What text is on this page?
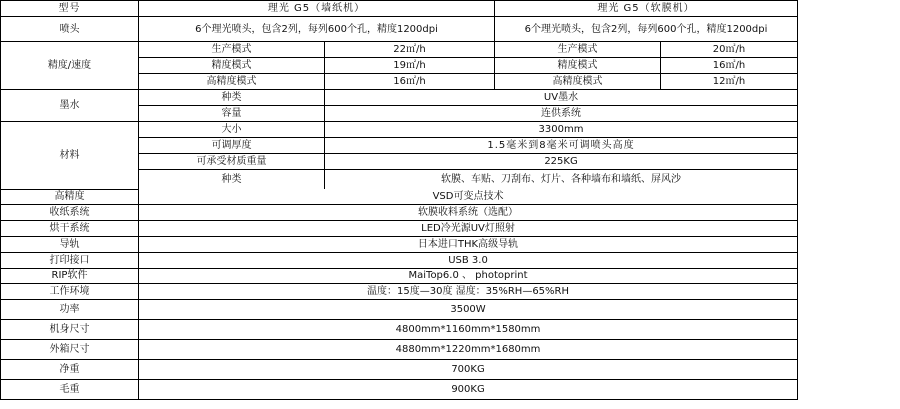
型号	理光 G5（墙纸机）		理光 G5（软膜机）	
喷头	6个理光喷头，包含2列，每列600个孔，精度1200dpi		6个理光喷头，包含2列，每列600个孔，精度1200dpi	
精度/速度	生产模式	22㎡/h	生产模式	20㎡/h
	精度模式	19㎡/h	精度模式	16㎡/h
	高精度模式	16㎡/h	高精度模式	12㎡/h
墨水	种类	UV墨水		
	容量	连供系统		
材料	大小	3300mm		
	可调厚度	1.5毫米到8毫米可调喷头高度		
	可承受材质重量	225KG		
	种类	软膜、车贴、刀刮布、灯片、各种墙布和墙纸、屏风沙		
高精度	VSD可变点技术			
收纸系统	软膜收料系统（选配）			
烘干系统	LED冷光源UV灯照射			
导轨	日本进口THK高级导轨			
打印接口	USB 3.0			
RIP软件	MaiTop6.0 、 photoprint			
工作环境	温度：15度—30度 湿度：35%RH—65%RH			
功率	3500W			
机身尺寸	4800mm*1160mm*1580mm			
外箱尺寸	4880mm*1220mm*1680mm			
净重	700KG			
毛重	900KG			
